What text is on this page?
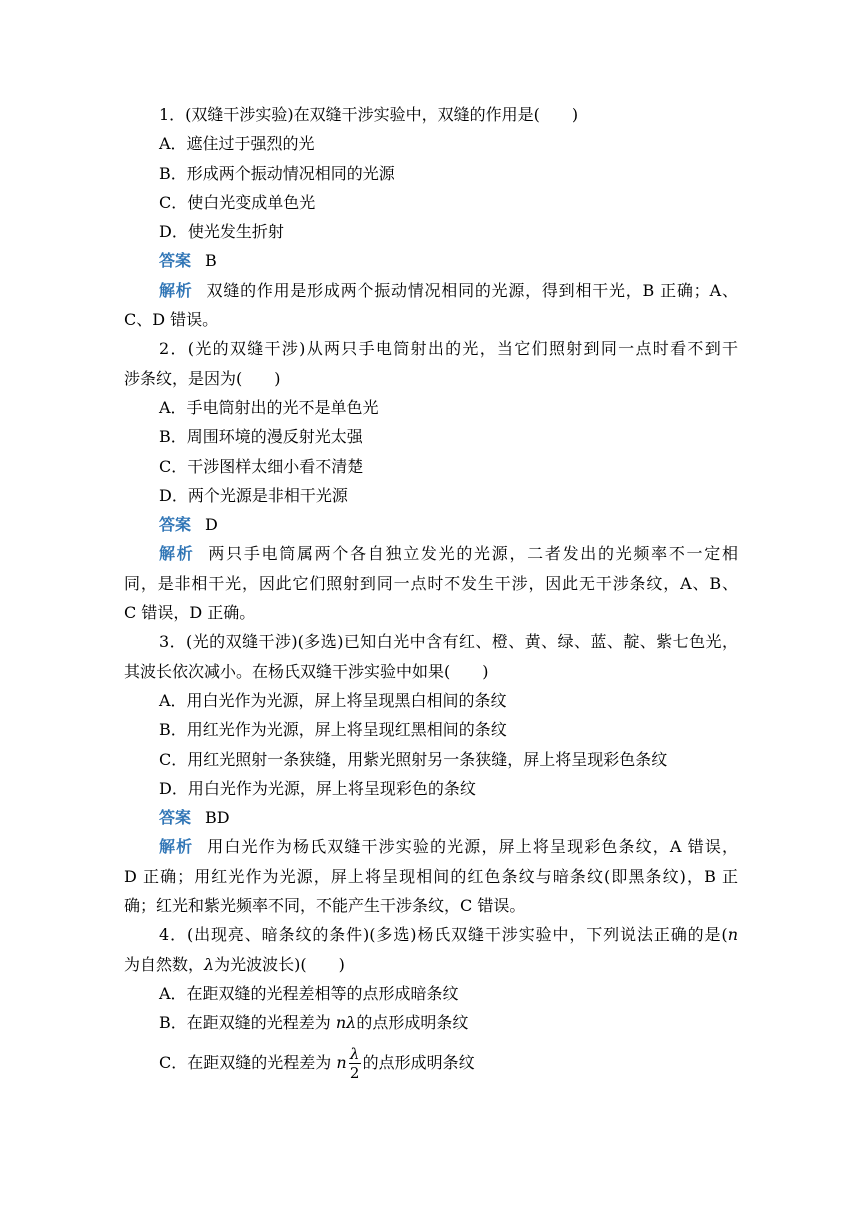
1．(双缝干涉实验)在双缝干涉实验中，双缝的作用是(　　)
A．遮住过于强烈的光
B．形成两个振动情况相同的光源
C．使白光变成单色光
D．使光发生折射
答案 B
解析 双缝的作用是形成两个振动情况相同的光源，得到相干光，B 正确；A、
C、D 错误。
2．(光的双缝干涉)从两只手电筒射出的光，当它们照射到同一点时看不到干
涉条纹，是因为(　　)
A．手电筒射出的光不是单色光
B．周围环境的漫反射光太强
C．干涉图样太细小看不清楚
D．两个光源是非相干光源
答案 D
解析 两只手电筒属两个各自独立发光的光源，二者发出的光频率不一定相
同，是非相干光，因此它们照射到同一点时不发生干涉，因此无干涉条纹，A、B、
C 错误，D 正确。
3．(光的双缝干涉)(多选)已知白光中含有红、橙、黄、绿、蓝、靛、紫七色光，
其波长依次减小。在杨氏双缝干涉实验中如果(　　)
A．用白光作为光源，屏上将呈现黑白相间的条纹
B．用红光作为光源，屏上将呈现红黑相间的条纹
C．用红光照射一条狭缝，用紫光照射另一条狭缝，屏上将呈现彩色条纹
D．用白光作为光源，屏上将呈现彩色的条纹
答案 BD
解析 用白光作为杨氏双缝干涉实验的光源，屏上将呈现彩色条纹，A 错误，
D 正确；用红光作为光源，屏上将呈现相间的红色条纹与暗条纹(即黑条纹)，B 正
确；红光和紫光频率不同，不能产生干涉条纹，C 错误。
4．(出现亮、暗条纹的条件)(多选)杨氏双缝干涉实验中，下列说法正确的是(n
为自然数，λ为光波波长)(　　)
A．在距双缝的光程差相等的点形成暗条纹
B．在距双缝的光程差为 nλ的点形成明条纹
C．在距双缝的光程差为 n $\frac{\lambda}{2}$ 的点形成明条纹
